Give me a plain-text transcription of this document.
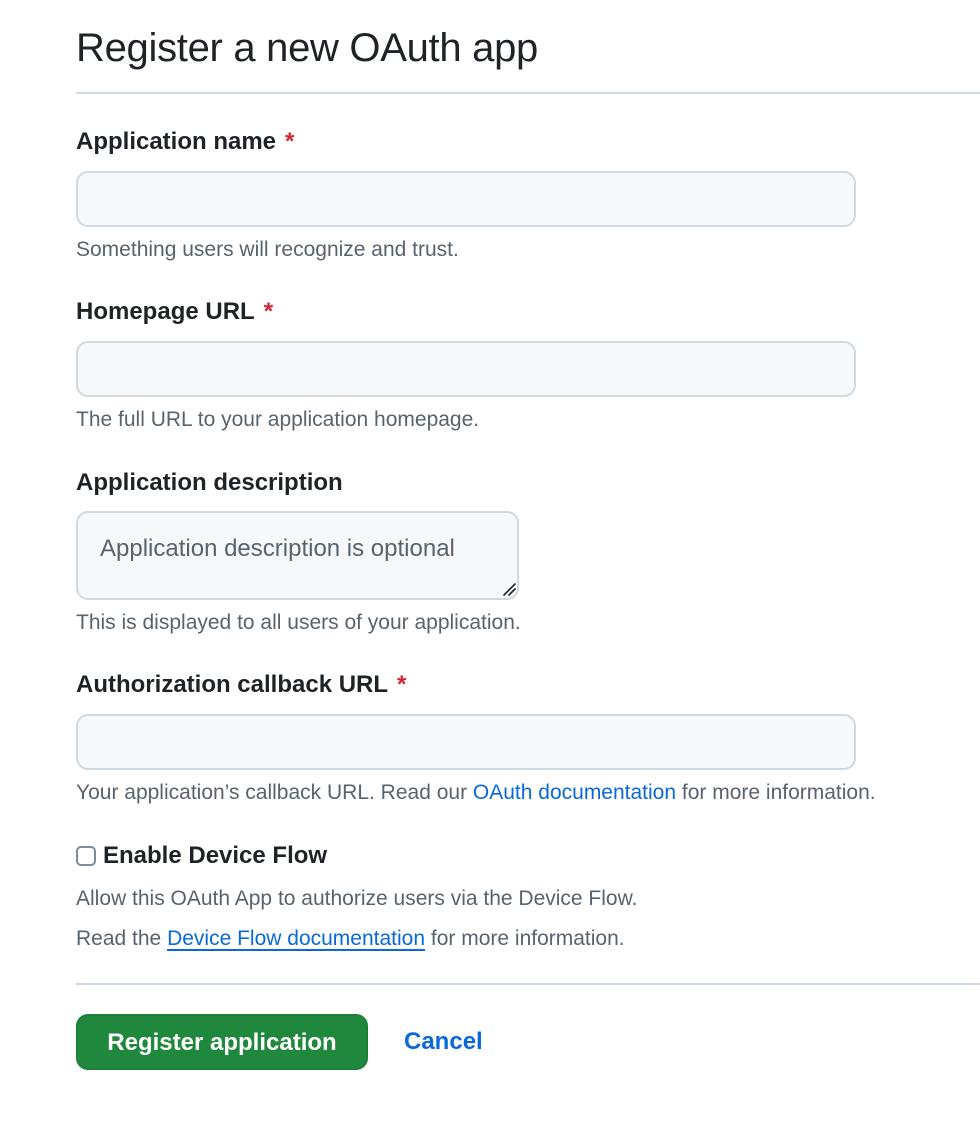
Register a new OAuth app
Application name *
Something users will recognize and trust.
Homepage URL *
The full URL to your application homepage.
Application description
Application description is optional
This is displayed to all users of your application.
Authorization callback URL *
Your application’s callback URL. Read our OAuth documentation for more information.
Enable Device Flow
Allow this OAuth App to authorize users via the Device Flow.
Read the Device Flow documentation for more information.
Register application	Cancel
